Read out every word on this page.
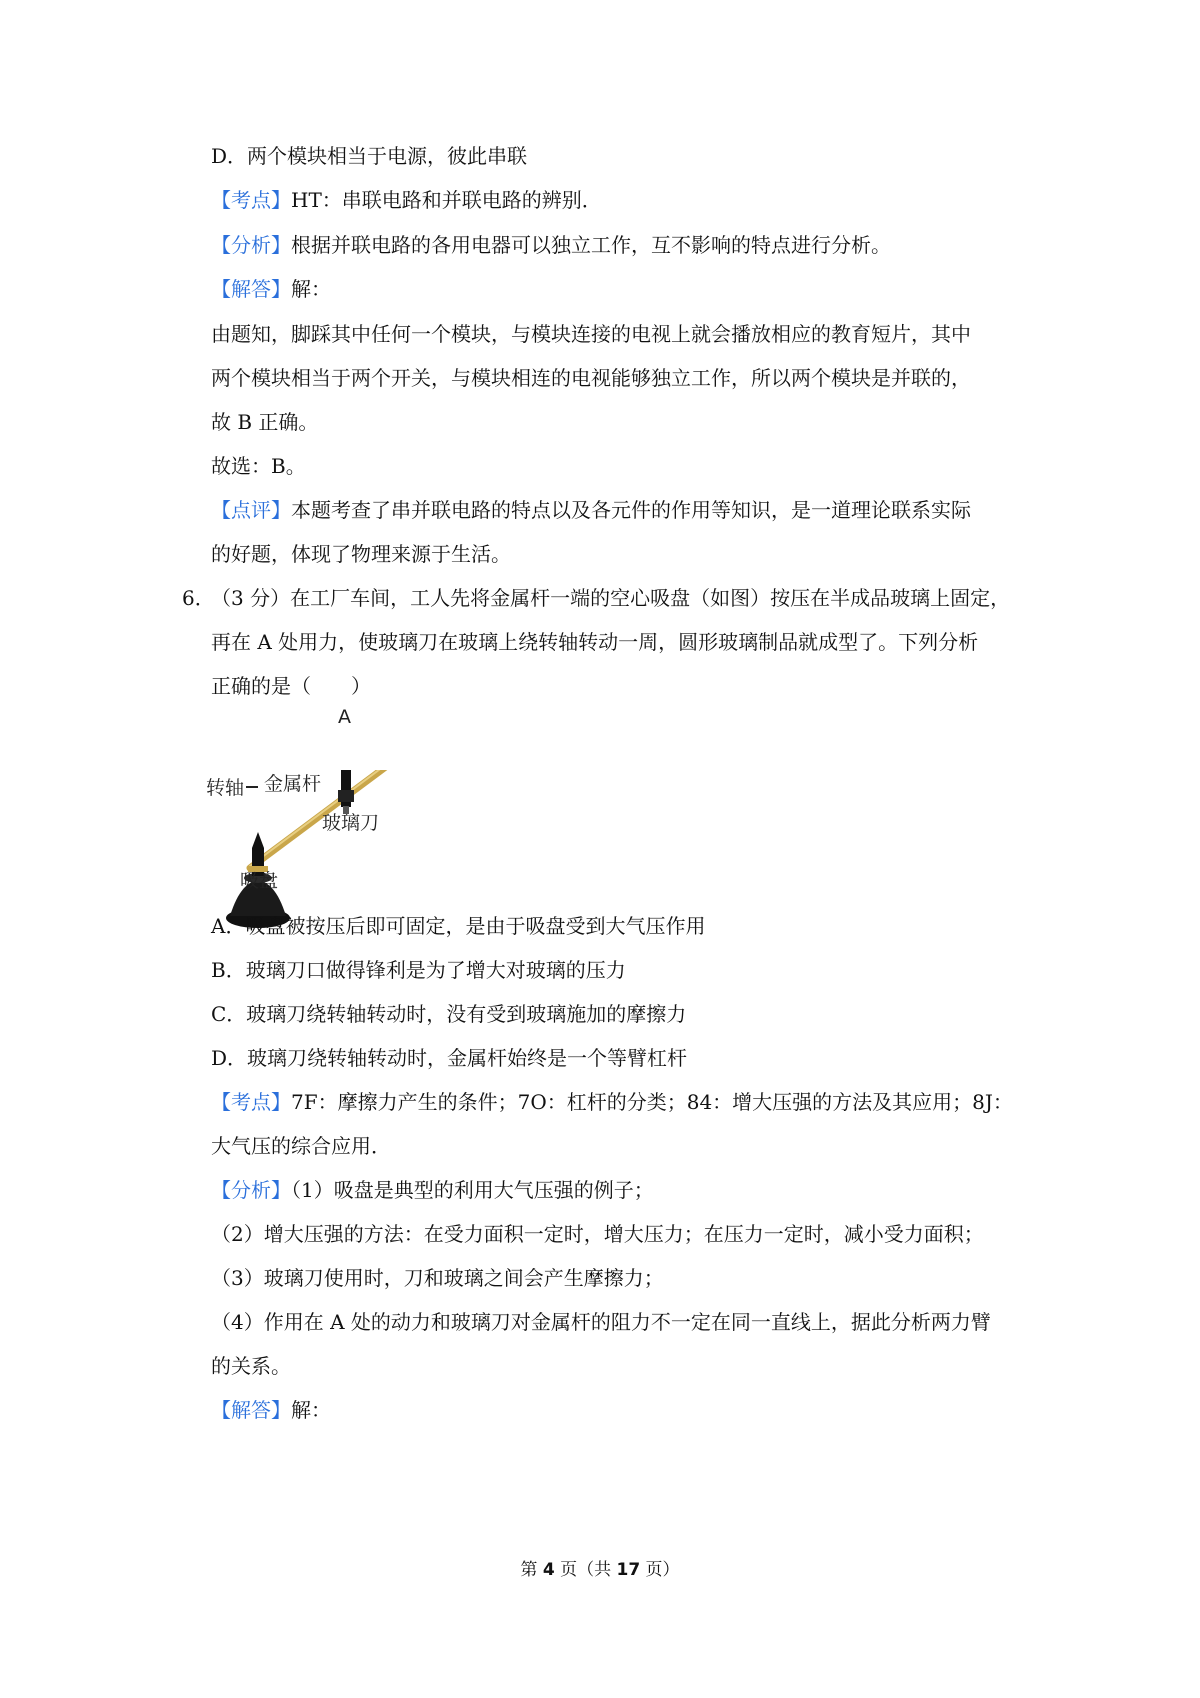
D．两个模块相当于电源，彼此串联
【考点】HT：串联电路和并联电路的辨别．
【分析】根据并联电路的各用电器可以独立工作，互不影响的特点进行分析。
【解答】解：
由题知，脚踩其中任何一个模块，与模块连接的电视上就会播放相应的教育短片，其中
两个模块相当于两个开关，与模块相连的电视能够独立工作，所以两个模块是并联的，
故 B 正确。
故选：B。
【点评】本题考查了串并联电路的特点以及各元件的作用等知识，是一道理论联系实际
的好题，体现了物理来源于生活。
6．
（3 分）在工厂车间，工人先将金属杆一端的空心吸盘（如图）按压在半成品玻璃上固定，
再在 A 处用力，使玻璃刀在玻璃上绕转轴转动一周，圆形玻璃制品就成型了。下列分析
正确的是（　　）
A
转轴 金属杆
玻璃刀
吸盘
A．吸盘被按压后即可固定，是由于吸盘受到大气压作用
B．玻璃刀口做得锋利是为了增大对玻璃的压力
C．玻璃刀绕转轴转动时，没有受到玻璃施加的摩擦力
D．玻璃刀绕转轴转动时，金属杆始终是一个等臂杠杆
【考点】7F：摩擦力产生的条件；7O：杠杆的分类；84：增大压强的方法及其应用；8J：
大气压的综合应用．
【分析】（1）吸盘是典型的利用大气压强的例子；
（2）增大压强的方法：在受力面积一定时，增大压力；在压力一定时，减小受力面积；
（3）玻璃刀使用时，刀和玻璃之间会产生摩擦力；
（4）作用在 A 处的动力和玻璃刀对金属杆的阻力不一定在同一直线上，据此分析两力臂
的关系。
【解答】解：
第 4 页（共 17 页）
